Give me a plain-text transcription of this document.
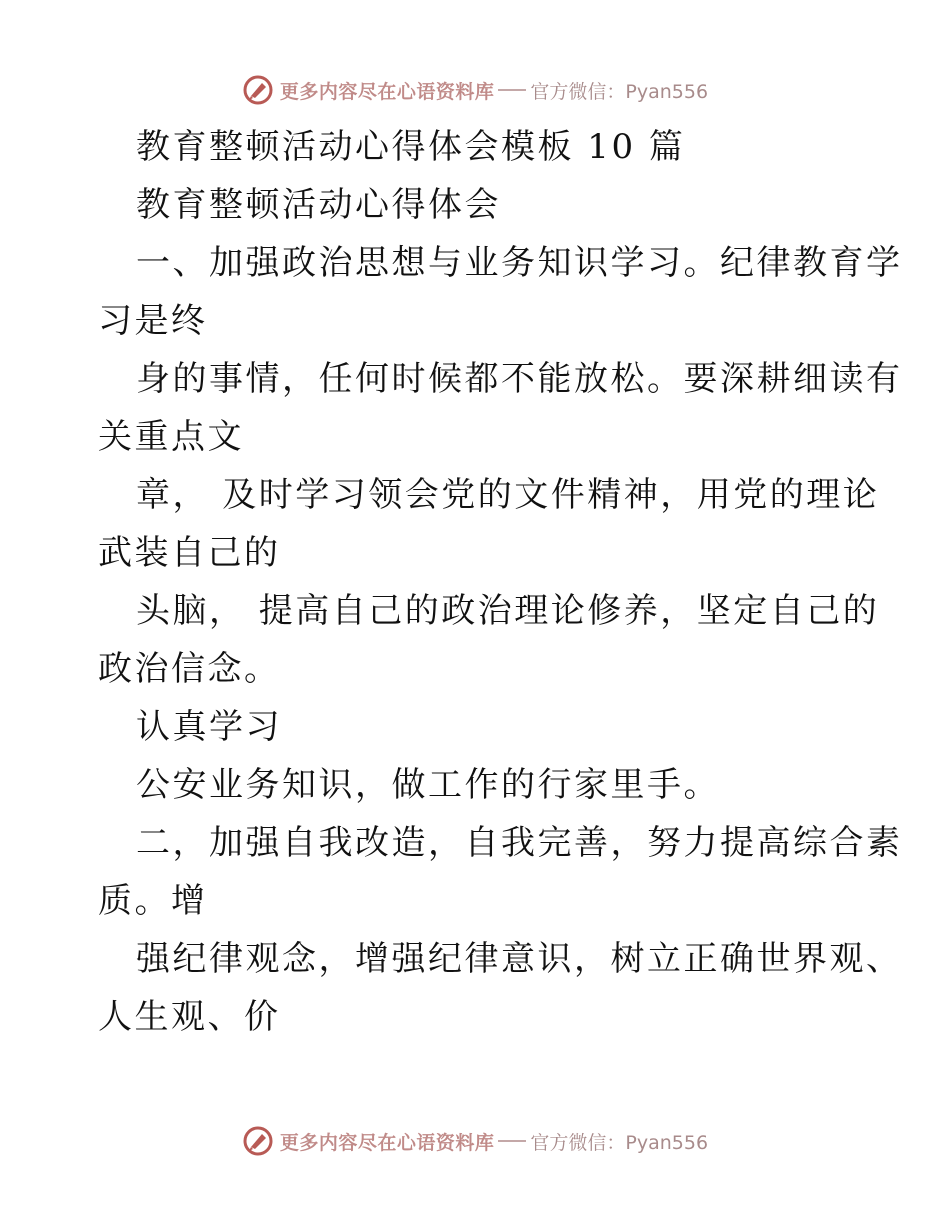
更多内容尽在心语资料库 官方微信：Pyan556
教育整顿活动心得体会模板 10 篇
教育整顿活动心得体会
一、加强政治思想与业务知识学习。纪律教育学
习是终
身的事情，任何时候都不能放松。要深耕细读有
关重点文
章， 及时学习领会党的文件精神，用党的理论
武装自己的
头脑， 提高自己的政治理论修养，坚定自己的
政治信念。
认真学习
公安业务知识，做工作的行家里手。
二，加强自我改造，自我完善，努力提高综合素
质。增
强纪律观念，增强纪律意识，树立正确世界观、
人生观、价
更多内容尽在心语资料库 官方微信：Pyan556
